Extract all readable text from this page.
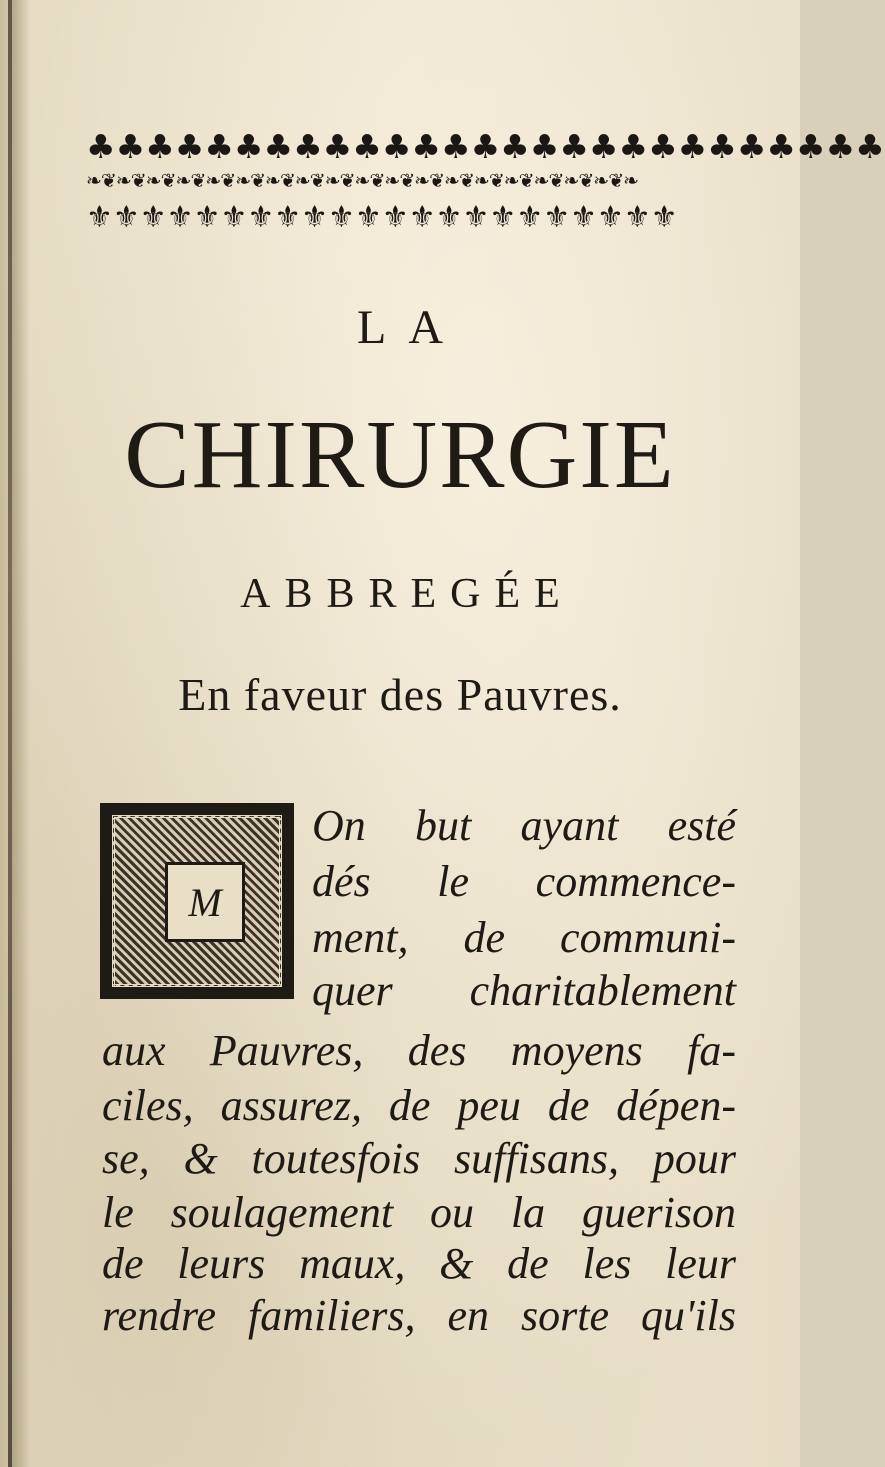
♣♣♣♣♣♣♣♣♣♣♣♣♣♣♣♣♣♣♣♣♣♣♣♣♣♣♣
❧❦❧❦❧❦❧❦❧❦❧❦❧❦❧❦❧❦❧❦❧❦❧❦❧❦❧❦❧❦❧❦❧❦❧❦❧
⚜⚜⚜⚜⚜⚜⚜⚜⚜⚜⚜⚜⚜⚜⚜⚜⚜⚜⚜⚜⚜⚜
LA
CHIRURGIE
ABBREGÉE
En faveur des Pauvres.
M
On but ayant esté
dés le commence-
ment, de communi-
quer charitablement
aux Pauvres, des moyens fa-
ciles, assurez, de peu de dépen-
se, & toutesfois suffisans, pour
le soulagement ou la guerison
de leurs maux, & de les leur
rendre familiers, en sorte qu'ils
